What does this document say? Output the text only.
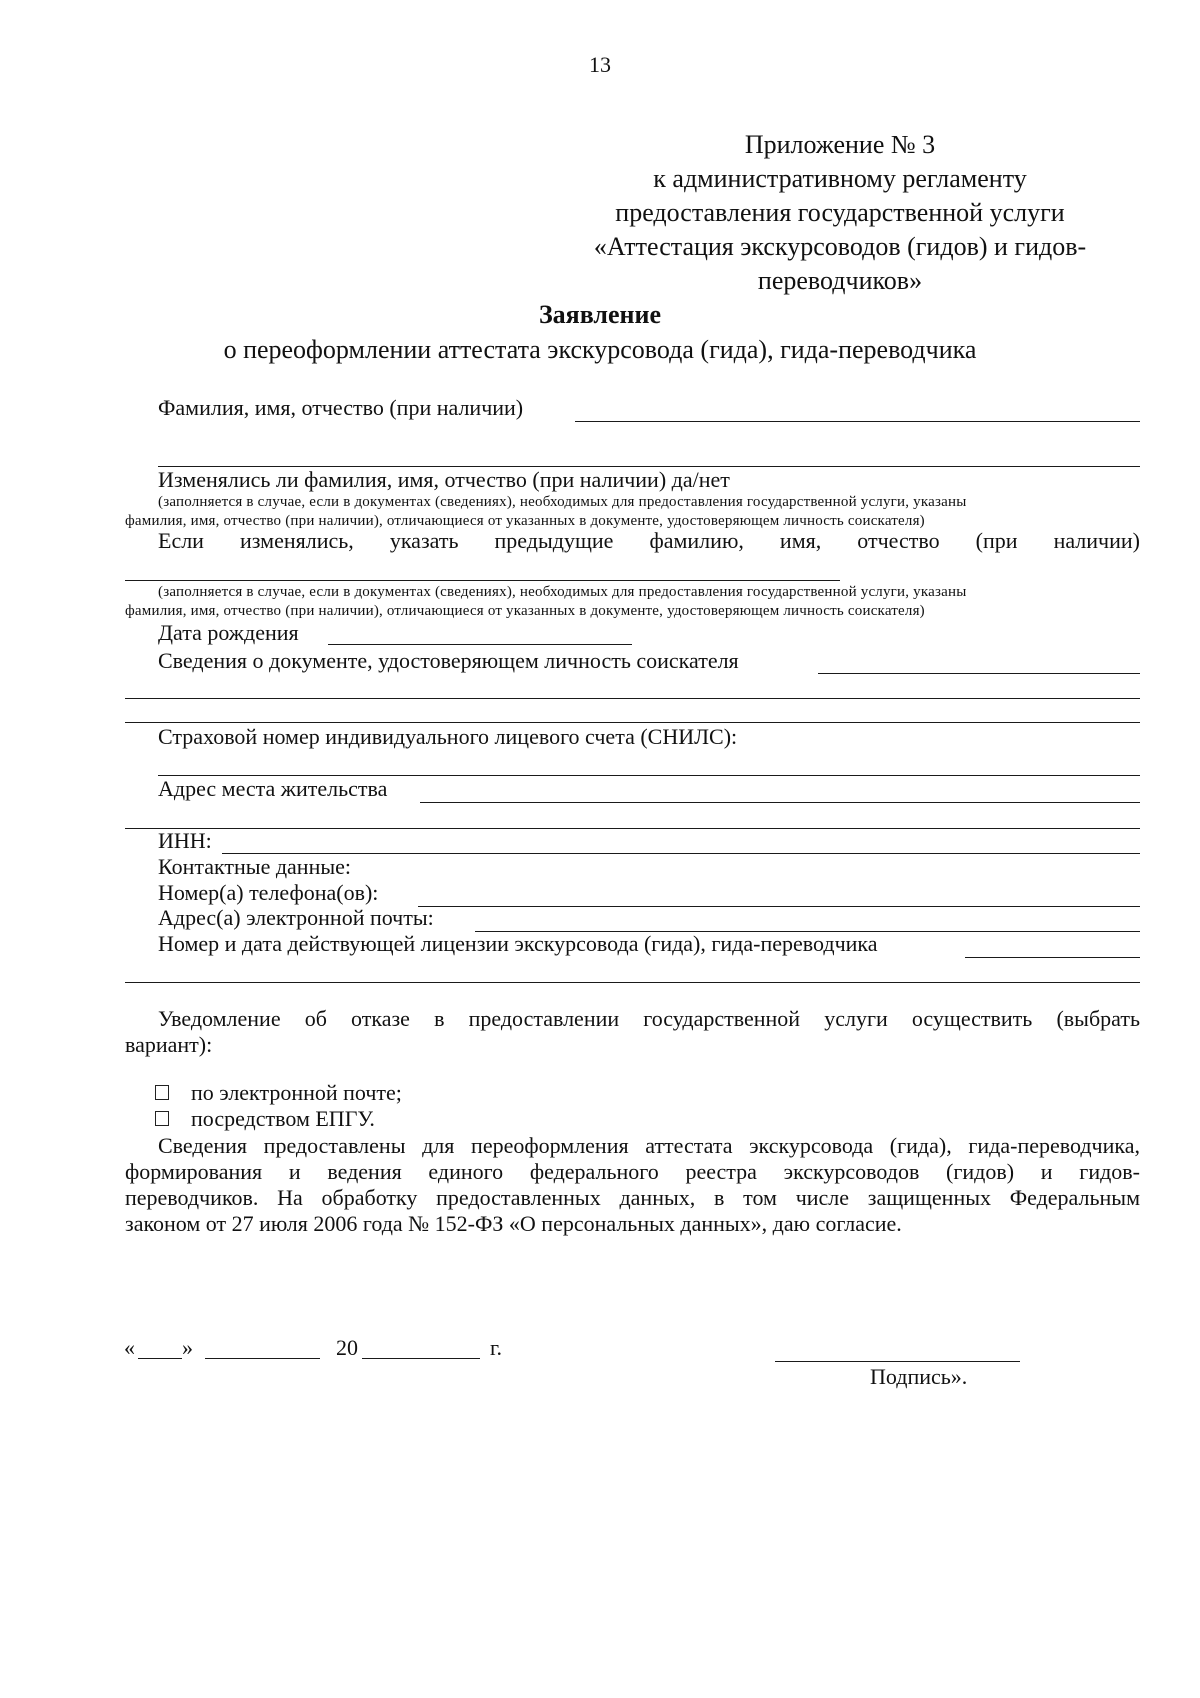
13
Приложение № 3
к административному регламенту
предоставления государственной услуги
«Аттестация экскурсоводов (гидов) и гидов-
переводчиков»
Заявление
о переоформлении аттестата экскурсовода (гида), гида-переводчика
Фамилия, имя, отчество (при наличии)
Изменялись ли фамилия, имя, отчество (при наличии) да/нет
(заполняется в случае, если в документах (сведениях), необходимых для предоставления государственной услуги, указаны
фамилия, имя, отчество (при наличии), отличающиеся от указанных в документе, удостоверяющем личность соискателя)
Если изменялись, указать предыдущие фамилию, имя, отчество (при наличии)
(заполняется в случае, если в документах (сведениях), необходимых для предоставления государственной услуги, указаны
фамилия, имя, отчество (при наличии), отличающиеся от указанных в документе, удостоверяющем личность соискателя)
Дата рождения
Сведения о документе, удостоверяющем личность соискателя
Страховой номер индивидуального лицевого счета (СНИЛС):
Адрес места жительства
ИНН:
Контактные данные:
Номер(а) телефона(ов):
Адрес(а) электронной почты:
Номер и дата действующей лицензии экскурсовода (гида), гида-переводчика
Уведомление об отказе в предоставлении государственной услуги осуществить (выбрать
вариант):
по электронной почте;
посредством ЕПГУ.
Сведения предоставлены для переоформления аттестата экскурсовода (гида), гида-переводчика,
формирования и ведения единого федерального реестра экскурсоводов (гидов) и гидов-
переводчиков. На обработку предоставленных данных, в том числе защищенных Федеральным
законом от 27 июля 2006 года № 152-ФЗ «О персональных данных», даю согласие.
« »	20	г.
Подпись».
